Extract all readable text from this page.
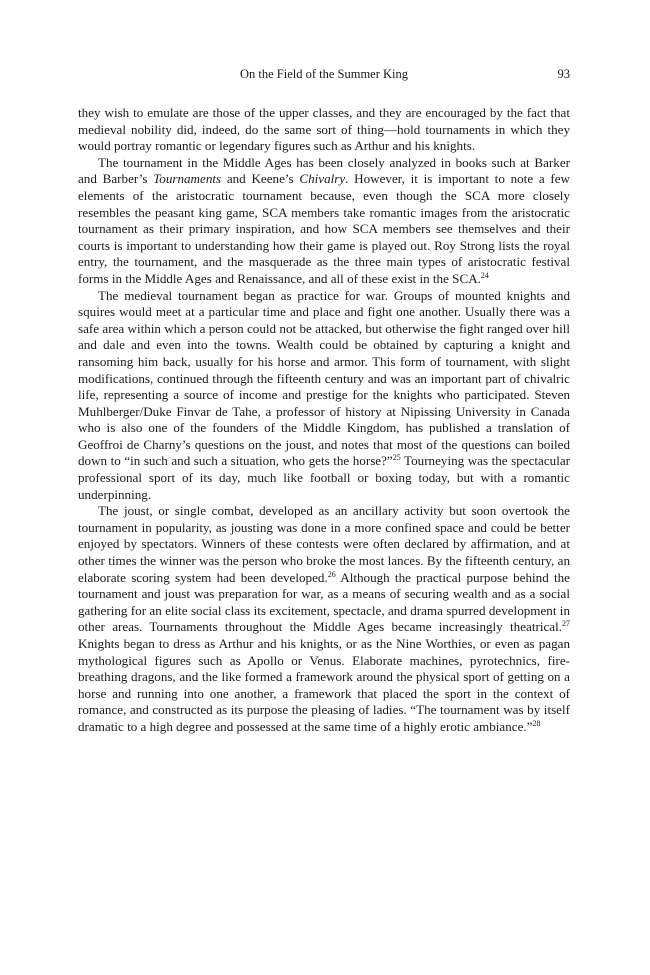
On the Field of the Summer King	93

they wish to emulate are those of the upper classes, and they are encouraged by the fact that medieval nobility did, indeed, do the same sort of thing—hold tournaments in which they would portray romantic or legendary figures such as Arthur and his knights.

The tournament in the Middle Ages has been closely analyzed in books such at Barker and Barber’s Tournaments and Keene’s Chivalry. However, it is important to note a few elements of the aristocratic tournament because, even though the SCA more closely resembles the peasant king game, SCA members take romantic images from the aristocratic tournament as their primary inspiration, and how SCA members see themselves and their courts is important to understanding how their game is played out. Roy Strong lists the royal entry, the tournament, and the masquerade as the three main types of aristocratic festival forms in the Middle Ages and Renaissance, and all of these exist in the SCA.$^{24}$

The medieval tournament began as practice for war. Groups of mounted knights and squires would meet at a particular time and place and fight one another. Usually there was a safe area within which a person could not be attacked, but otherwise the fight ranged over hill and dale and even into the towns. Wealth could be obtained by capturing a knight and ransoming him back, usually for his horse and armor. This form of tournament, with slight modifications, continued through the fifteenth century and was an important part of chivalric life, representing a source of income and prestige for the knights who participated. Steven Muhlberger/Duke Finvar de Tahe, a professor of history at Nipissing University in Canada who is also one of the founders of the Middle Kingdom, has published a translation of Geoffroi de Charny’s questions on the joust, and notes that most of the questions can boiled down to “in such and such a situation, who gets the horse?”$^{25}$ Tourneying was the spectacular professional sport of its day, much like football or boxing today, but with a romantic underpinning.

The joust, or single combat, developed as an ancillary activity but soon overtook the tournament in popularity, as jousting was done in a more confined space and could be better enjoyed by spectators. Winners of these contests were often declared by affirmation, and at other times the winner was the person who broke the most lances. By the fifteenth century, an elaborate scoring system had been developed.$^{26}$ Although the practical purpose behind the tournament and joust was preparation for war, as a means of securing wealth and as a social gathering for an elite social class its excitement, spectacle, and drama spurred development in other areas. Tournaments throughout the Middle Ages became increasingly theatrical.$^{27}$ Knights began to dress as Arthur and his knights, or as the Nine Worthies, or even as pagan mythological figures such as Apollo or Venus. Elaborate machines, pyrotechnics, fire-breathing dragons, and the like formed a framework around the physical sport of getting on a horse and running into one another, a framework that placed the sport in the context of romance, and constructed as its purpose the pleasing of ladies. “The tournament was by itself dramatic to a high degree and possessed at the same time of a highly erotic ambiance.”$^{28}$
